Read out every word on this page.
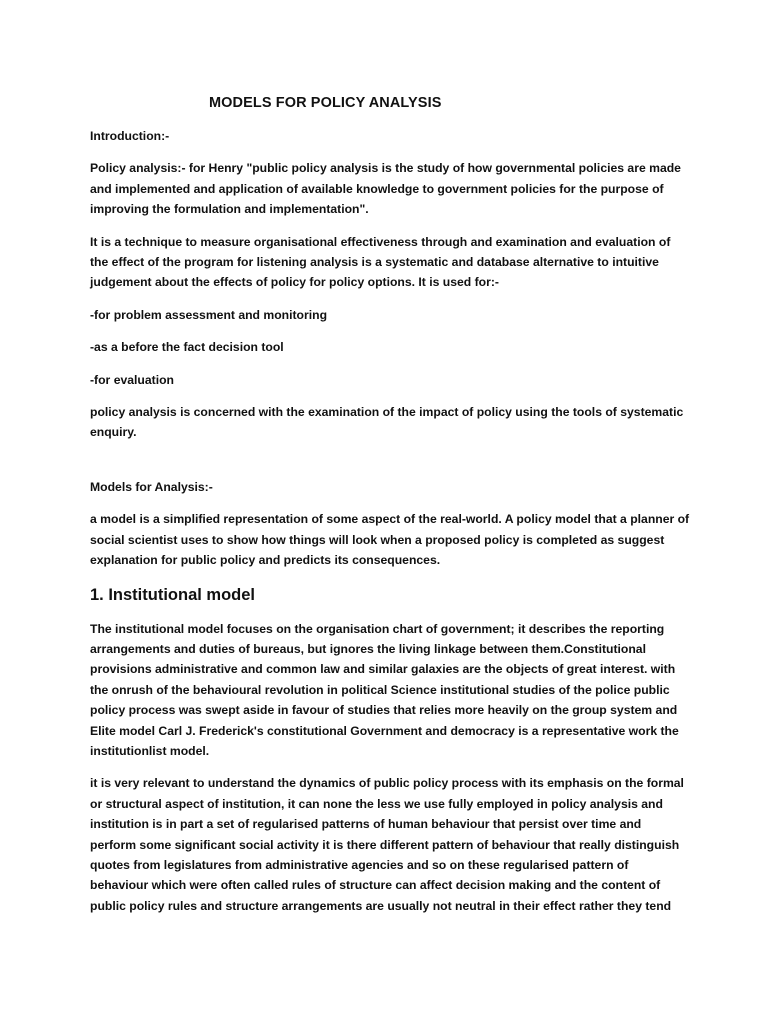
MODELS FOR POLICY ANALYSIS

Introduction:-

Policy analysis:- for Henry "public policy analysis is the study of how governmental policies are made and implemented and application of available knowledge to government policies for the purpose of improving the formulation and implementation".

It is a technique to measure organisational effectiveness through and examination and evaluation of the effect of the program for listening analysis is a systematic and database alternative to intuitive judgement about the effects of policy for policy options. It is used for:-

-for problem assessment and monitoring

-as a before the fact decision tool

-for evaluation

policy analysis is concerned with the examination of the impact of policy using the tools of systematic enquiry.

Models for Analysis:-

a model is a simplified representation of some aspect of the real-world. A policy model that a planner of social scientist uses to show how things will look when a proposed policy is completed as suggest explanation for public policy and predicts its consequences.

1. Institutional model

The institutional model focuses on the organisation chart of government; it describes the reporting arrangements and duties of bureaus, but ignores the living linkage between them.Constitutional provisions administrative and common law and similar galaxies are the objects of great interest. with the onrush of the behavioural revolution in political Science institutional studies of the police public policy process was swept aside in favour of studies that relies more heavily on the group system and Elite model Carl J. Frederick's constitutional Government and democracy is a representative work the institutionlist model.

it is very relevant to understand the dynamics of public policy process with its emphasis on the formal or structural aspect of institution, it can none the less we use fully employed in policy analysis and institution is in part a set of regularised patterns of human behaviour that persist over time and perform some significant social activity it is there different pattern of behaviour that really distinguish quotes from legislatures from administrative agencies and so on these regularised pattern of behaviour which were often called rules of structure can affect decision making and the content of public policy rules and structure arrangements are usually not neutral in their effect rather they tend
